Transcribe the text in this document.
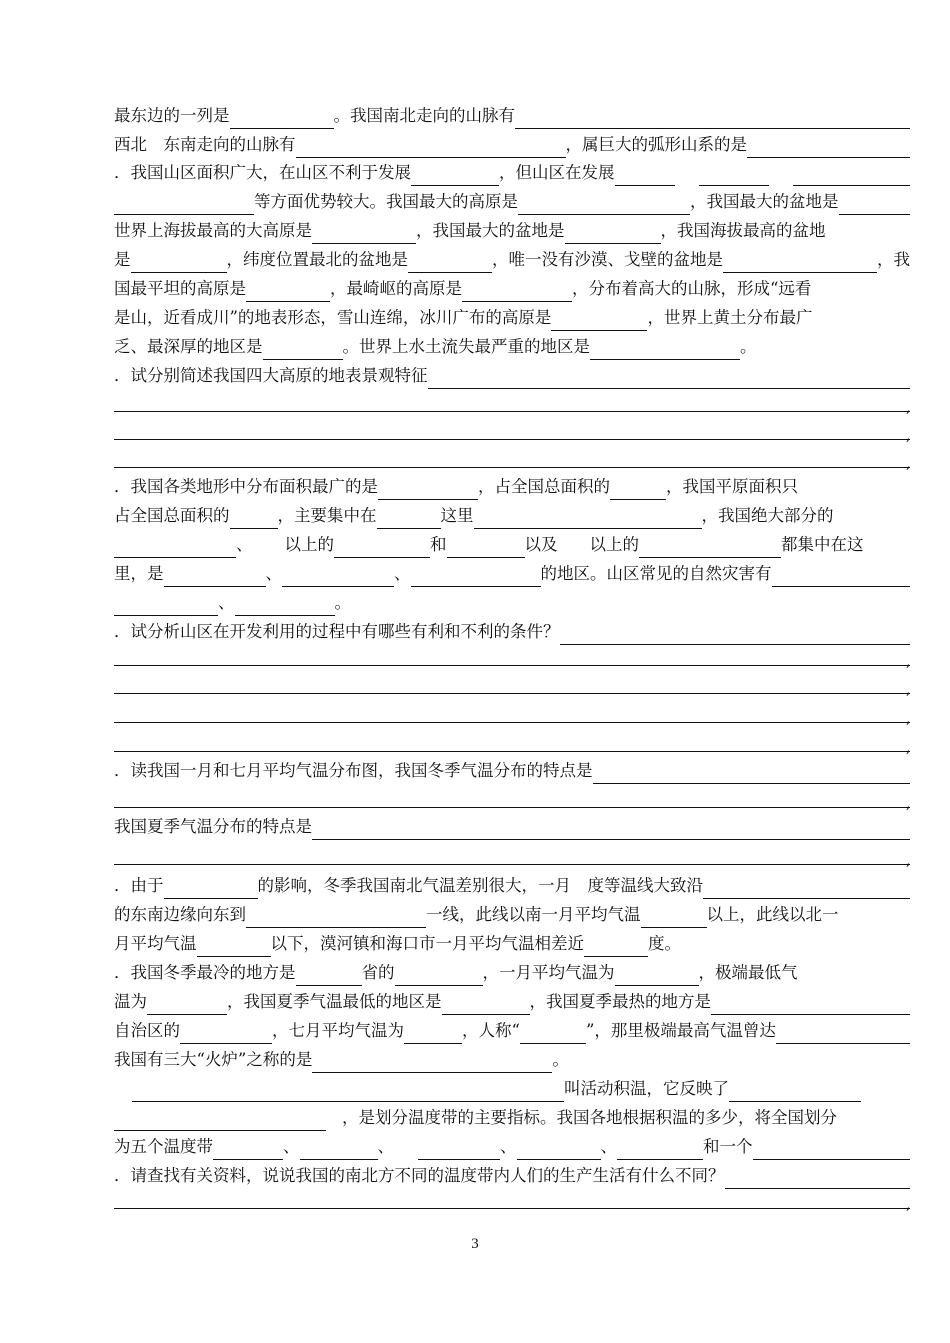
最东边的一列是	。我国南北走向的山脉有
西北　东南走向的山脉有	，属巨大的弧形山系的是
．我国山区面积广大，在山区不利于发展	，但山区在发展
等方面优势较大。我国最大的高原是	，我国最大的盆地是
世界上海拔最高的大高原是	，我国最大的盆地是	，我国海拔最高的盆地
是	，纬度位置最北的盆地是	，唯一没有沙漠、戈壁的盆地是	，我
国最平坦的高原是	，最崎岖的高原是	，分布着高大的山脉，形成“远看
是山，近看成川”的地表形态，雪山连绵，冰川广布的高原是	，世界上黄土分布最广
乏、最深厚的地区是	。世界上水土流失最严重的地区是	。
．试分别简述我国四大高原的地表景观特征
,
,
,
．我国各类地形中分布面积最广的是	，占全国总面积的	，我国平原面积只
占全国总面积的	，主要集中在	这里	，我国绝大部分的
、 以上的	和	以及 以上的	都集中在这
里，是	、	、	的地区。山区常见的自然灾害有
、	。
．试分析山区在开发利用的过程中有哪些有利和不利的条件？
,
,
,
,
．读我国一月和七月平均气温分布图，我国冬季气温分布的特点是
,
我国夏季气温分布的特点是
,
．由于	的影响，冬季我国南北气温差别很大，一月　度等温线大致沿
的东南边缘向东到	一线，此线以南一月平均气温	以上，此线以北一
月平均气温	以下，漠河镇和海口市一月平均气温相差近	度。
．我国冬季最冷的地方是	省的	，一月平均气温为	，极端最低气
温为	，我国夏季气温最低的地区是	，我国夏季最热的地方是
自治区的	，七月平均气温为	，人称“	”，那里极端最高气温曾达
我国有三大“火炉”之称的是	。
叫活动积温，它反映了
，是划分温度带的主要指标。我国各地根据积温的多少，将全国划分
为五个温度带	、	、	、	、	和一个
．请查找有关资料，说说我国的南北方不同的温度带内人们的生产生活有什么不同？
,
3
